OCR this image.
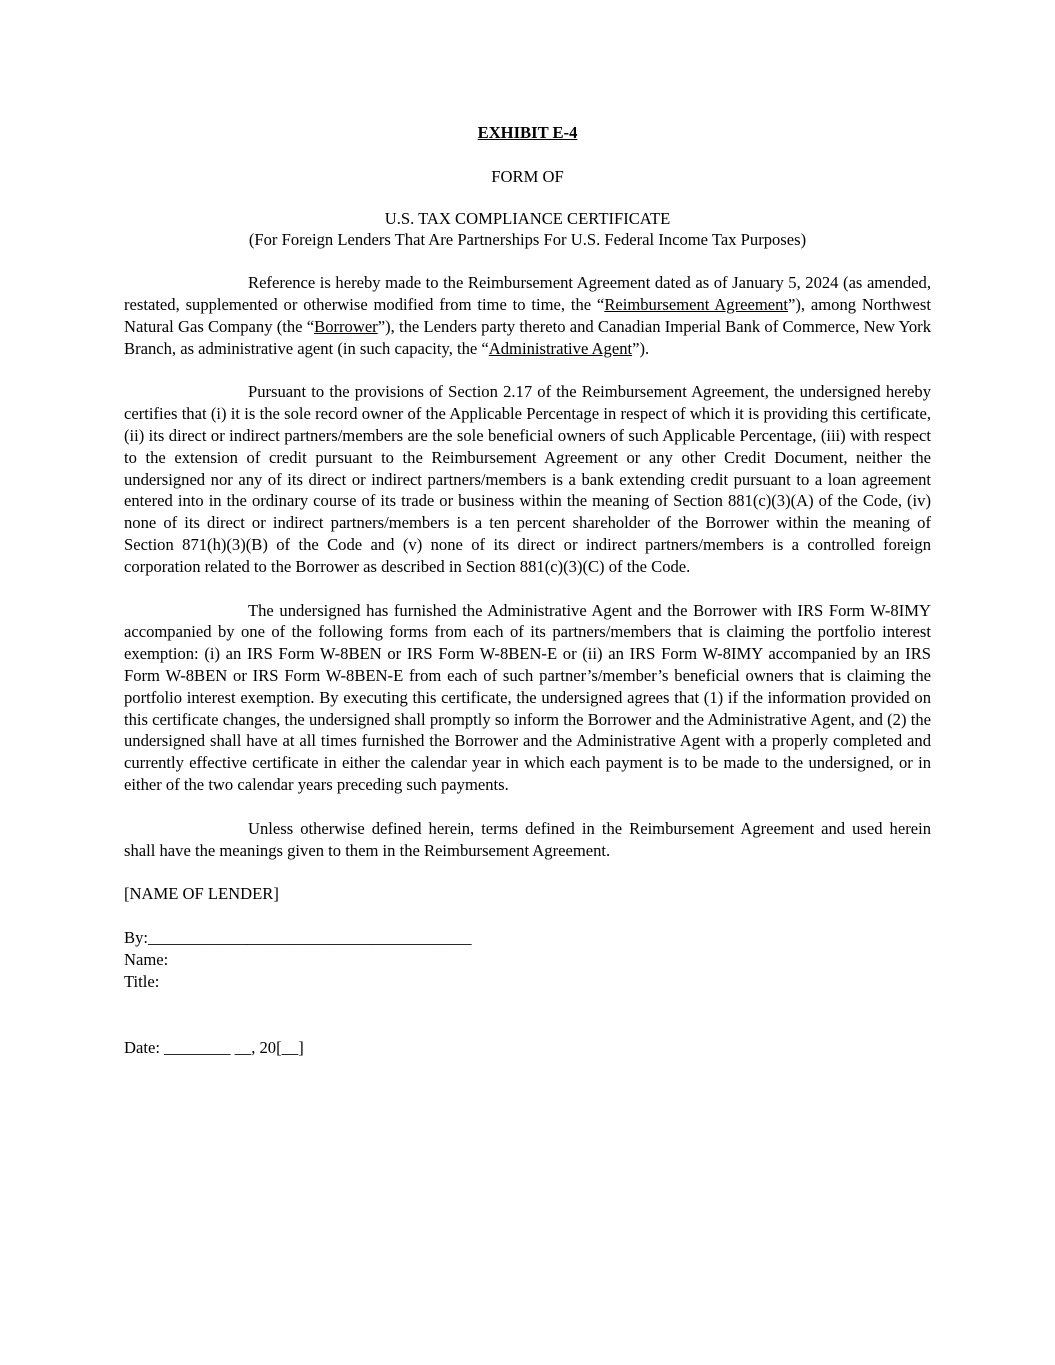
EXHIBIT E-4

FORM OF

U.S. TAX COMPLIANCE CERTIFICATE

(For Foreign Lenders That Are Partnerships For U.S. Federal Income Tax Purposes)

Reference is hereby made to the Reimbursement Agreement dated as of January 5, 2024 (as amended, restated, supplemented or otherwise modified from time to time, the “Reimbursement Agreement”), among Northwest Natural Gas Company (the “Borrower”), the Lenders party thereto and Canadian Imperial Bank of Commerce, New York Branch, as administrative agent (in such capacity, the “Administrative Agent”).

Pursuant to the provisions of Section 2.17 of the Reimbursement Agreement, the undersigned hereby certifies that (i) it is the sole record owner of the Applicable Percentage in respect of which it is providing this certificate, (ii) its direct or indirect partners/members are the sole beneficial owners of such Applicable Percentage, (iii) with respect to the extension of credit pursuant to the Reimbursement Agreement or any other Credit Document, neither the undersigned nor any of its direct or indirect partners/members is a bank extending credit pursuant to a loan agreement entered into in the ordinary course of its trade or business within the meaning of Section 881(c)(3)(A) of the Code, (iv) none of its direct or indirect partners/members is a ten percent shareholder of the Borrower within the meaning of Section 871(h)(3)(B) of the Code and (v) none of its direct or indirect partners/members is a controlled foreign corporation related to the Borrower as described in Section 881(c)(3)(C) of the Code.

The undersigned has furnished the Administrative Agent and the Borrower with IRS Form W-8IMY accompanied by one of the following forms from each of its partners/members that is claiming the portfolio interest exemption: (i) an IRS Form W-8BEN or IRS Form W-8BEN-E or (ii) an IRS Form W-8IMY accompanied by an IRS Form W-8BEN or IRS Form W-8BEN-E from each of such partner’s/member’s beneficial owners that is claiming the portfolio interest exemption. By executing this certificate, the undersigned agrees that (1) if the information provided on this certificate changes, the undersigned shall promptly so inform the Borrower and the Administrative Agent, and (2) the undersigned shall have at all times furnished the Borrower and the Administrative Agent with a properly completed and currently effective certificate in either the calendar year in which each payment is to be made to the undersigned, or in either of the two calendar years preceding such payments.

Unless otherwise defined herein, terms defined in the Reimbursement Agreement and used herein shall have the meanings given to them in the Reimbursement Agreement.

[NAME OF LENDER]

By:_______________________________________

Name:

Title:

Date: ________ __, 20[__]
